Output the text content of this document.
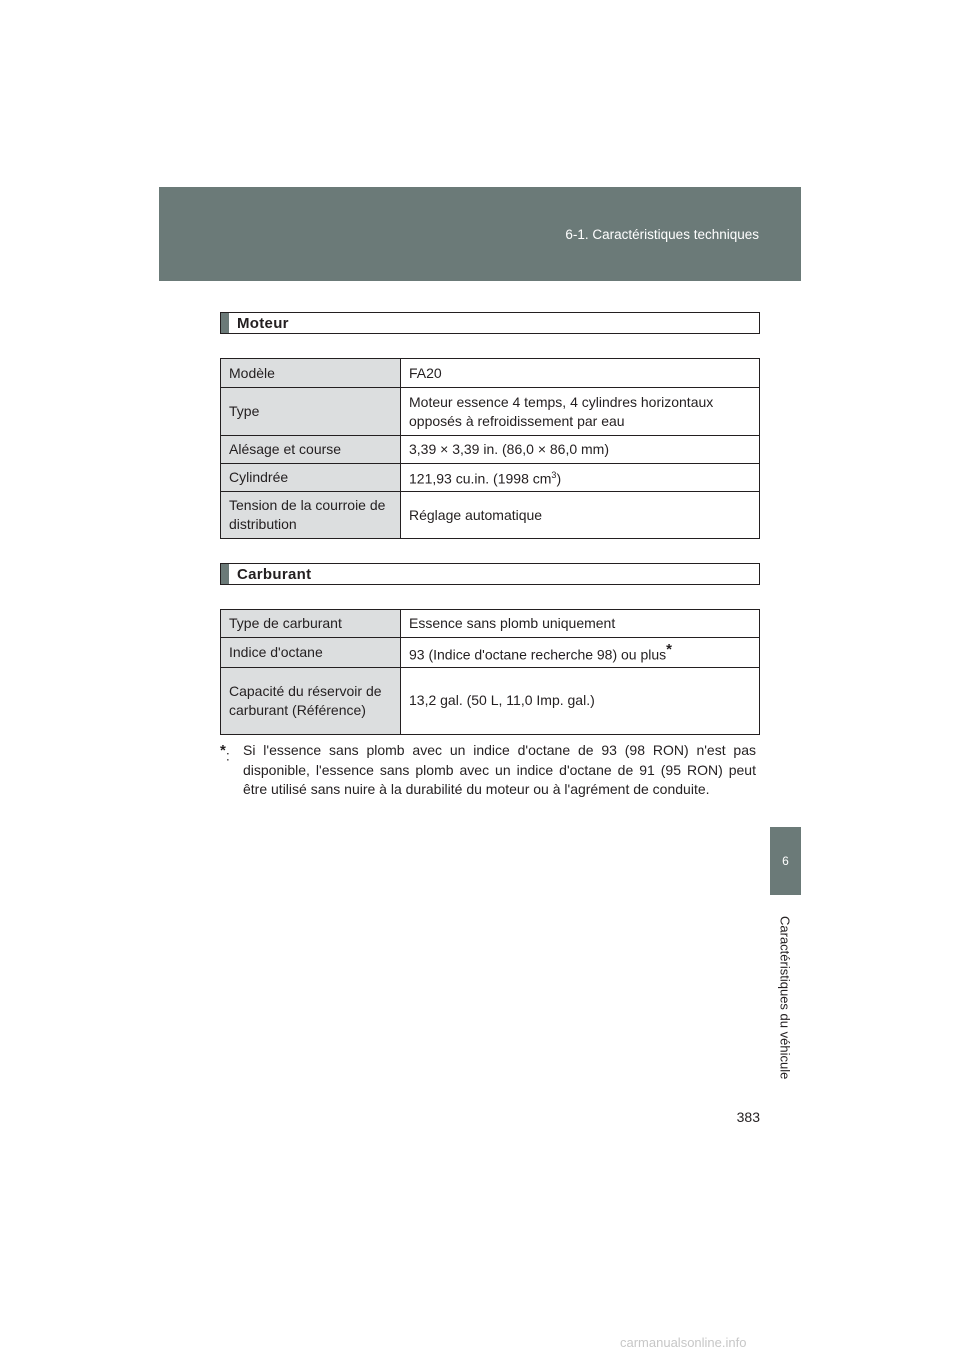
6-1. Caractéristiques techniques
6
Caractéristiques du véhicule
Moteur
Modèle	FA20
Type	Moteur essence 4 temps, 4 cylindres horizontaux opposés à refroidissement par eau
Alésage et course	3,39 × 3,39 in. (86,0 × 86,0 mm)
Cylindrée	121,93 cu.in. (1998 $cm^3$)
Tension de la courroie de distribution	Réglage automatique
Carburant
Type de carburant	Essence sans plomb uniquement
Indice d'octane	93 (Indice d'octane recherche 98) ou plus*
Capacité du réservoir de carburant (Référence)	13,2 gal. (50 L, 11,0 Imp. gal.)
*: Si l'essence sans plomb avec un indice d'octane de 93 (98 RON) n'est pas disponible, l'essence sans plomb avec un indice d'octane de 91 (95 RON) peut être utilisé sans nuire à la durabilité du moteur ou à l'agrément de conduite.
383
carmanualsonline.info
